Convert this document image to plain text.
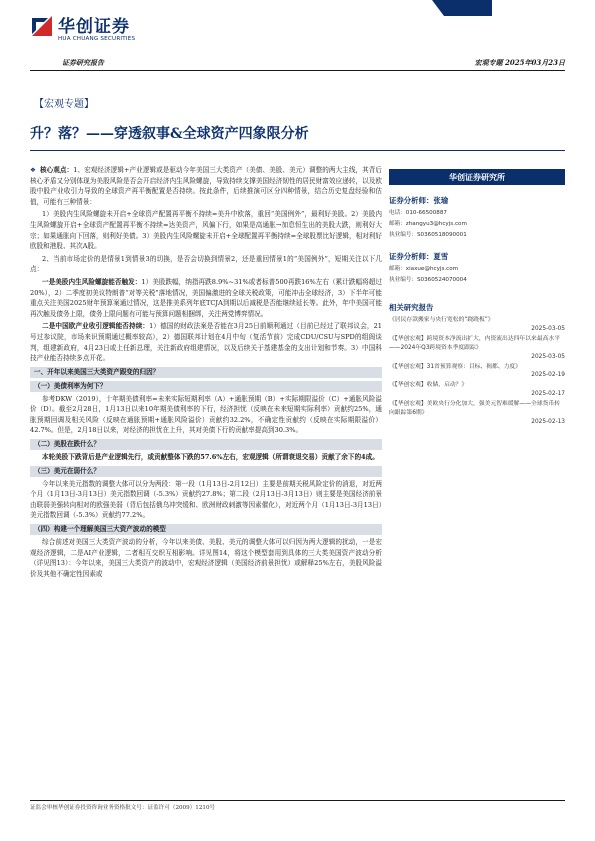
华创证券
HUA CHUANG SECURITIES
证券研究报告	宏观专题 2025年03月23日
【宏观专题】
升？落？——穿透叙事&全球资产四象限分析

❖ 核心观点：1、宏观经济逻辑+产业逻辑或是驱动今年美国三大类资产（美债、美股、美元）调整的两大主线，其背后核心矛盾又分别体现为美股风险是否会开启经济内生风险螺旋，导致持续支撑美国经济韧性的居民财富效应递转，以及欧股中股产业收引力导致的全球资产再平衡配置是否持续。按此条件，后续推演可区分四种情景，结合历史复盘经验和估值，可能有三种情景：

1）美股内生风险螺旋未开启+全球资产配置再平衡不持续=美升中欧落，重回“美国例外”，最利好美股。2）美股内生风险螺旋开启+全球资产配置再平衡不持续=达美资产，风偏下行，如果是高通胀→加息恒生出的美股大跌，则利好大宗；如果通胀向下回落，则利好美债。3）美股内生风险螺旋未开启+全球配置再平衡持续=全球股票比好逻辑，相对利好欧股和港股、其次A股。

2、当前市场定价的是情景1到情景3的切换，是否会切换到情景2，还是重回情景1的“美国例外”，短期关注以下几点：

一是美股内生风险螺旋能否触发：1）美股跌幅，纳指再跌8.9%~31%或者标普500再跌16%左右（累计跌幅将超过20%），2）二季度初美议特朗普“对等关税”落地情况，美国偏激进的全球关税政策，可能冲击全球经济，3）下半年可能重点关注美国2025财年预算案通过情况，这是推美系列年底TCJA到期以后减税是否能继续延长等。此外，年中美国可能再次触及债务上限，债务上限问题有可能与预算问题相捆绑，关注两党博弈情况。

二是中国欧产业收引逻辑能否持续：1）德国的财政法案是否能在3月25日前顺利通过（目前已经过了联邦议会，21号过参议院，市场来识预期通过概率较高），2）德国联邦计划在4月中旬（复活节前）完成CDU/CSU与SPD的组阁谈判，组建新政府，4月23日或上任新总理，关注新政府组建情况，以及后续关于基建基金的支出计划和节奏。3）中国科技产业能否持续多点开花。

一、开年以来美国三大类资产跟变的归因？
（一）美债利率为何下？

参考DKW（2019），十年期美债利率=未来实际短期利率（A）+通胀预期（B）+实际期限溢价（C）+通胀风险溢价（D）。截至2月28日，1月13日以来10年期美债利率的下行，经济担忧（反映在未来短期实际利率）贡献约25%，通胀预期回调及相关风险（反映在通胀预期+通胀风险溢价）贡献约32.2%，不确定性贡献约（反映在实际期限溢价）42.7%。但是，2月18日以来，对经济的担忧在上升，其对美债下行的贡献率提高到30.3%。

（二）美股在跌什么？

本轮美股下跌背后是产业逻辑先行，或贡献整体下跌的57.6%左右，宏观逻辑（所谓衰退交易）贡献了余下的4成。

（三）美元在弱什么？

今年以来美元指数的调整大体可以分为两段：第一段（1月13日-2月12日）主要是前期关税风险定价的消退，对近两个月（1月13日-3月13日）美元指数回调（-5.3%）贡献约27.8%；第二段（2月13日-3月13日）则主要是美国经济前景由联弱美强转向相对的欧强美弱（背后包括俄乌冲突缓和、欧洲财政刺激等因素催化），对近两个月（1月13日-3月13日）美元指数回调（-5.3%）贡献约77.2%。

（四）构建一个理解美国三大资产波动的模型

综合前述对美国三大类资产波动的分析，今年以来美债、美股、美元的调整大体可以归因为两大逻辑的扰动，一是宏观经济逻辑，二是AI产业逻辑，二者相互交织互相影响。详见图14，将这个模型套用到具体的三大类美国资产波动分析（详见图13）：今年以来，美国三大类资产的波动中，宏观经济逻辑（美国经济前景担忧）或解释25%左右，美股风险溢价及其他不确定性因素或

华创证券研究所
证券分析师：张瑜
电话：010-66500887
邮箱：zhangyu3@hcyjs.com
执业编号：S0360518090001
证券分析师：夏雪
邮箱：xiaxue@hcyjs.com
执业编号：S0360524070004
相关研究报告
《居民存款搬家与央行宽松的“跷跷板”》
2025-03-05
《【华创宏观】跨境资本净流出扩大，内资流出达四年以来最高水平——2024年Q3跨境资本季度跟踪》
2025-03-05
《【华创宏观】31省预算观察：目标、揭都、力度》
2025-02-19
《【华创宏观】收储，启动？》
2025-02-17
《【华创宏观】美欧央行分化加大，强美元智难缓解——全球货币转向跟踪第6期》
2025-02-13
证监会审核华创证券投资咨询业务资格批文号：证监许可（2009）1210号
